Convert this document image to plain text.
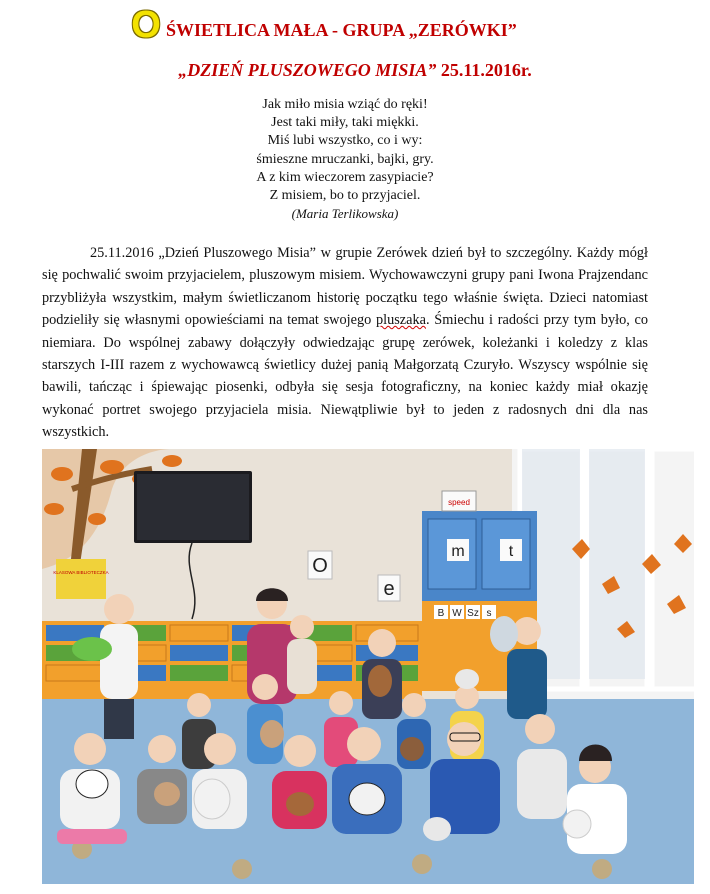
O ŚWIETLICA MAŁA - GRUPA „ZERÓWKI”
„DZIEŃ PLUSZOWEGO MISIA” 25.11.2016r.
Jak miło misia wziąć do ręki!
Jest taki miły, taki miękki.
Miś lubi wszystko, co i wy:
śmieszne mruczanki, bajki, gry.
A z kim wieczorem zasypiacie?
Z misiem, bo to przyjaciel.
(Maria Terlikowska)

25.11.2016 „Dzień Pluszowego Misia” w grupie Zerówek dzień był to szczególny. Każdy mógł się pochwalić swoim przyjacielem, pluszowym misiem. Wychowawczyni grupy pani Iwona Prajzendanc przybliżyła wszystkim, małym świetliczanom historię początku tego właśnie święta. Dzieci natomiast podzieliły się własnymi opowieściami na temat swojego pluszaka. Śmiechu i radości przy tym było, co niemiara. Do wspólnej zabawy dołączyły odwiedzając grupę zerówek, koleżanki i koledzy z klas starszych I-III razem z wychowawcą świetlicy dużej panią Małgorzatą Czuryło. Wszyscy wspólnie się bawili, tańcząc i śpiewając piosenki, odbyła się sesja fotograficzny, na koniec każdy miał okazję wykonać portret swojego przyjaciela misia. Niewątpliwie był to jeden z radosnych dni dla nas wszystkich.

O
e
m	t
speed
B W Sz s
KLASOWA BIBLIOTECZKA
